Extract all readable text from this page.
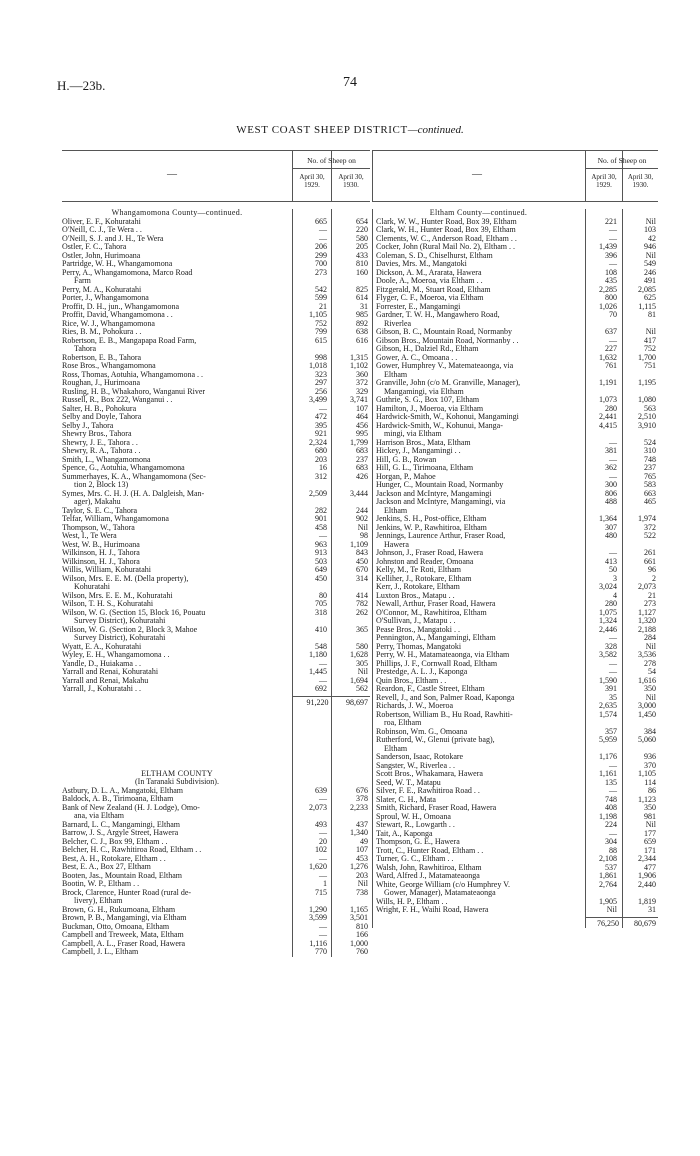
H.—23b.	74
WEST COAST SHEEP DISTRICT—continued.
—
No. of Sheep on
April 30, 1929.
April 30, 1930.
Whangamomona County—continued.
Oliver, E. F., Kohuratahi	665	654
O'Neill, C. J., Te Wera . .	—	220
O'Neill, S. J. and J. H., Te Wera	—	580
Ostler, F. C., Tahora	206	205
Ostler, John, Hurimoana	299	433
Partridge, W. H., Whangamomona	700	810
Perry, A., Whangamomona, Marco Road	273	160
Farm
Perry, M. A., Kohuratahi	542	825
Porter, J., Whangamomona	599	614
Proffit, D. H., jun., Whangamomona	21	31
Proffit, David, Whangamomona . .	1,105	985
Rice, W. J., Whangamomona	752	892
Ries, B. M., Pohokura . .	799	638
Robertson, E. B., Mangapapa Road Farm,	615	616
Tahora
Robertson, E. B., Tahora	998	1,315
Rose Bros., Whangamomona	1,018	1,102
Ross, Thomas, Aotuhia, Whangamomona . .	323	360
Roughan, J., Hurimoana	297	372
Rusling, H. B., Whakahoro, Wanganui River	256	329
Russell, R., Box 222, Wanganui . .	3,499	3,741
Salter, H. B., Pohokura	—	107
Selby and Doyle, Tahora	472	464
Selby J., Tahora	395	456
Shewry Bros., Tahora	921	995
Shewry, J. E., Tahora . .	2,324	1,799
Shewry, R. A., Tahora . .	680	683
Smith, L., Whangamomona	203	237
Spence, G., Aotuhia, Whangamomona	16	683
Summerhayes, K. A., Whangamomona (Sec-	312	426
tion 2, Block 13)
Symes, Mrs. C. H. J. (H. A. Dalgleish, Man-	2,509	3,444
ager), Makahu
Taylor, S. E. C., Tahora	282	244
Telfar, William, Whangamomona	901	902
Thompson, W., Tahora	458	Nil
West, I., Te Wera	—	98
West, W. B., Hurimoana	963	1,109
Wilkinson, H. J., Tahora	913	843
Wilkinson, H. J., Tahora	503	450
Willis, William, Kohuratahi	649	670
Wilson, Mrs. E. E. M. (Della property),	450	314
Kohuratahi
Wilson, Mrs. E. E. M., Kohuratahi	80	414
Wilson, T. H. S., Kohuratahi	705	782
Wilson, W. G. (Section 15, Block 16, Pouatu	318	262
Survey District), Kohuratahi
Wilson, W. G. (Section 2, Block 3, Mahoe	410	365
Survey District), Kohuratahi
Wyatt, E. A., Kohuratahi	548	580
Wyley, E. H., Whangamomona . .	1,180	1,628
Yandle, D., Huiakama . .	—	305
Yarrall and Renai, Kohuratahi	1,445	Nil
Yarrall and Renai, Makahu	—	1,694
Yarrall, J., Kohuratahi . .	692	562
91,220	98,697
ELTHAM COUNTY
(In Taranaki Subdivision).
Astbury, D. L. A., Mangatoki, Eltham	639	676
Baldock, A. B., Tirimoana, Eltham	—	378
Bank of New Zealand (H. J. Lodge), Omo-	2,073	2,233
ana, via Eltham
Barnard, L. C., Mangamingi, Eltham	493	437
Barrow, J. S., Argyle Street, Hawera	—	1,340
Belcher, C. J., Box 99, Eltham . .	20	49
Belcher, H. C., Rawhitiroa Road, Eltham . .	102	107
Best, A. H., Rotokare, Eltham . .	—	453
Best, E. A., Box 27, Eltham	1,620	1,276
Booten, Jas., Mountain Road, Eltham	—	203
Bootin, W. P., Eltham . .	1	Nil
Brock, Clarence, Hunter Road (rural de-	715	738
livery), Eltham
Brown, G. H., Rukumoana, Eltham	1,290	1,165
Brown, P. B., Mangamingi, via Eltham	3,599	3,501
Buckman, Otto, Omoana, Eltham	—	810
Campbell and Treweek, Mata, Eltham	—	166
Campbell, A. L., Fraser Road, Hawera	1,116	1,000
Campbell, J. L., Eltham	770	760
—
No. of Sheep on
April 30, 1929.
April 30, 1930.
Eltham County—continued.
Clark, W. W., Hunter Road, Box 39, Eltham	221	Nil
Clark, W. H., Hunter Road, Box 39, Eltham	—	103
Clements, W. C., Anderson Road, Eltham . .	—	42
Cocker, John (Rural Mail No. 2), Eltham . .	1,439	946
Coleman, S. D., Chiselhurst, Eltham	396	Nil
Davies, Mrs. M., Mangatoki	—	549
Dickson, A. M., Ararata, Hawera	108	246
Doole, A., Moeroa, via Eltham . .	435	491
Fitzgerald, M., Stuart Road, Eltham	2,285	2,085
Flyger, C. F., Moeroa, via Eltham	800	625
Forrester, E., Mangamingi	1,026	1,115
Gardner, T. W. H., Mangawhero Road,	70	81
Riverlea
Gibson, B. C., Mountain Road, Normanby	637	Nil
Gibson Bros., Mountain Road, Normanby . .	—	417
Gibson, H., Dalziel Rd., Eltham	227	752
Gower, A. C., Omoana . .	1,632	1,700
Gower, Humphrey V., Matemateaonga, via	761	751
Eltham
Granville, John (c/o M. Granville, Manager),	1,191	1,195
Mangamingi, via Eltham
Guthrie, S. G., Box 107, Eltham	1,073	1,080
Hamilton, J., Moeroa, via Eltham	280	563
Hardwick-Smith, W., Kohonui, Mangamingi	2,441	2,510
Hardwick-Smith, W., Kohunui, Manga-	4,415	3,910
mingi, via Eltham
Harrison Bros., Mata, Eltham	—	524
Hickey, J., Mangamingi . .	381	310
Hill, G. B., Rowan	—	748
Hill, G. L., Tirimoana, Eltham	362	237
Horgan, P., Mahoe	—	765
Hunger, C., Mountain Road, Normanby	300	583
Jackson and McIntyre, Mangamingi	806	663
Jackson and McIntyre, Mangamingi, via	488	465
Eltham
Jenkins, S. H., Post-office, Eltham	1,364	1,974
Jenkins, W. P., Rawhitiroa, Eltham	307	372
Jennings, Laurence Arthur, Fraser Road,	480	522
Hawera
Johnson, J., Fraser Road, Hawera	—	261
Johnston and Reader, Omoana	413	661
Kelly, M., Te Roti, Eltham	50	96
Kelliher, J., Rotokare, Eltham	3	2
Kerr, J., Rotokare, Eltham	3,024	2,073
Luxton Bros., Matapu . .	4	21
Newall, Arthur, Fraser Road, Hawera	280	273
O'Connor, M., Rawhitiroa, Eltham	1,075	1,127
O'Sullivan, J., Matapu . .	1,324	1,320
Pease Bros., Mangatoki . .	2,446	2,188
Pennington, A., Mangamingi, Eltham	—	284
Perry, Thomas, Mangatoki	328	Nil
Perry, W. H., Matamateaonga, via Eltham	3,582	3,536
Phillips, J. F., Cornwall Road, Eltham	—	278
Prestedge, A. L. J., Kaponga	—	54
Quin Bros., Eltham . .	1,590	1,616
Reardon, F., Castle Street, Eltham	391	350
Revell, J., and Son, Palmer Road, Kaponga	35	Nil
Richards, J. W., Moeroa	2,635	3,000
Robertson, William B., Hu Road, Rawhiti-	1,574	1,450
roa, Eltham
Robinson, Wm. G., Omoana	357	384
Rutherford, W., Glenui (private bag),	5,959	5,060
Eltham
Sanderson, Isaac, Rotokare	1,176	936
Sangster, W., Riverlea . .	—	370
Scott Bros., Whakamara, Hawera	1,161	1,105
Seed, W. T., Matapu	135	114
Silver, F. E., Rawhitiroa Road . .	—	86
Slater, C. H., Mata	748	1,123
Smith, Richard, Fraser Road, Hawera	408	350
Sproul, W. H., Omoana	1,198	981
Stewart, R., Lowgarth . .	224	Nil
Tait, A., Kaponga	—	177
Thompson, G. E., Hawera	304	659
Trott, C., Hunter Road, Eltham . .	88	171
Turner, G. C., Eltham . .	2,108	2,344
Walsh, John, Rawhitiroa, Eltham	537	477
Ward, Alfred J., Matamateaonga	1,861	1,906
White, George William (c/o Humphrey V.	2,764	2,440
Gower, Manager), Matamateaonga
Wills, H. P., Eltham . .	1,905	1,819
Wright, F. H., Waihi Road, Hawera	Nil	31
76,250	80,679
